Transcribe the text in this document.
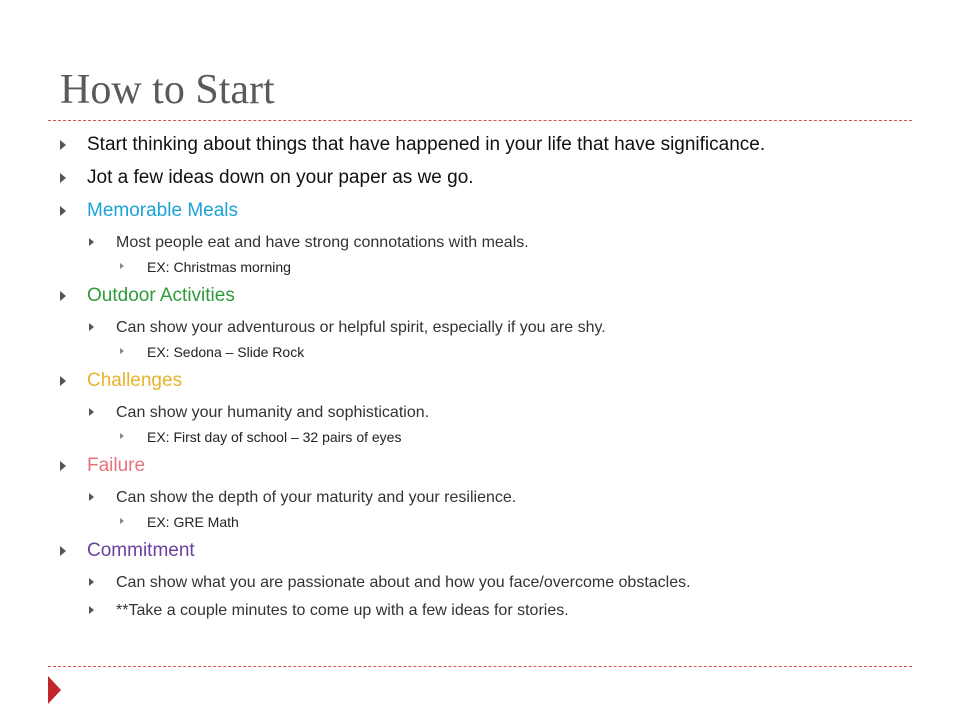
How to Start
Start thinking about things that have happened in your life that have significance.
Jot a few ideas down on your paper as we go.
Memorable Meals
Most people eat and have strong connotations with meals.
EX: Christmas morning
Outdoor Activities
Can show your adventurous or helpful spirit, especially if you are shy.
EX: Sedona – Slide Rock
Challenges
Can show your humanity and sophistication.
EX: First day of school – 32 pairs of eyes
Failure
Can show the depth of your maturity and your resilience.
EX: GRE Math
Commitment
Can show what you are passionate about and how you face/overcome obstacles.
**Take a couple minutes to come up with a few ideas for stories.
